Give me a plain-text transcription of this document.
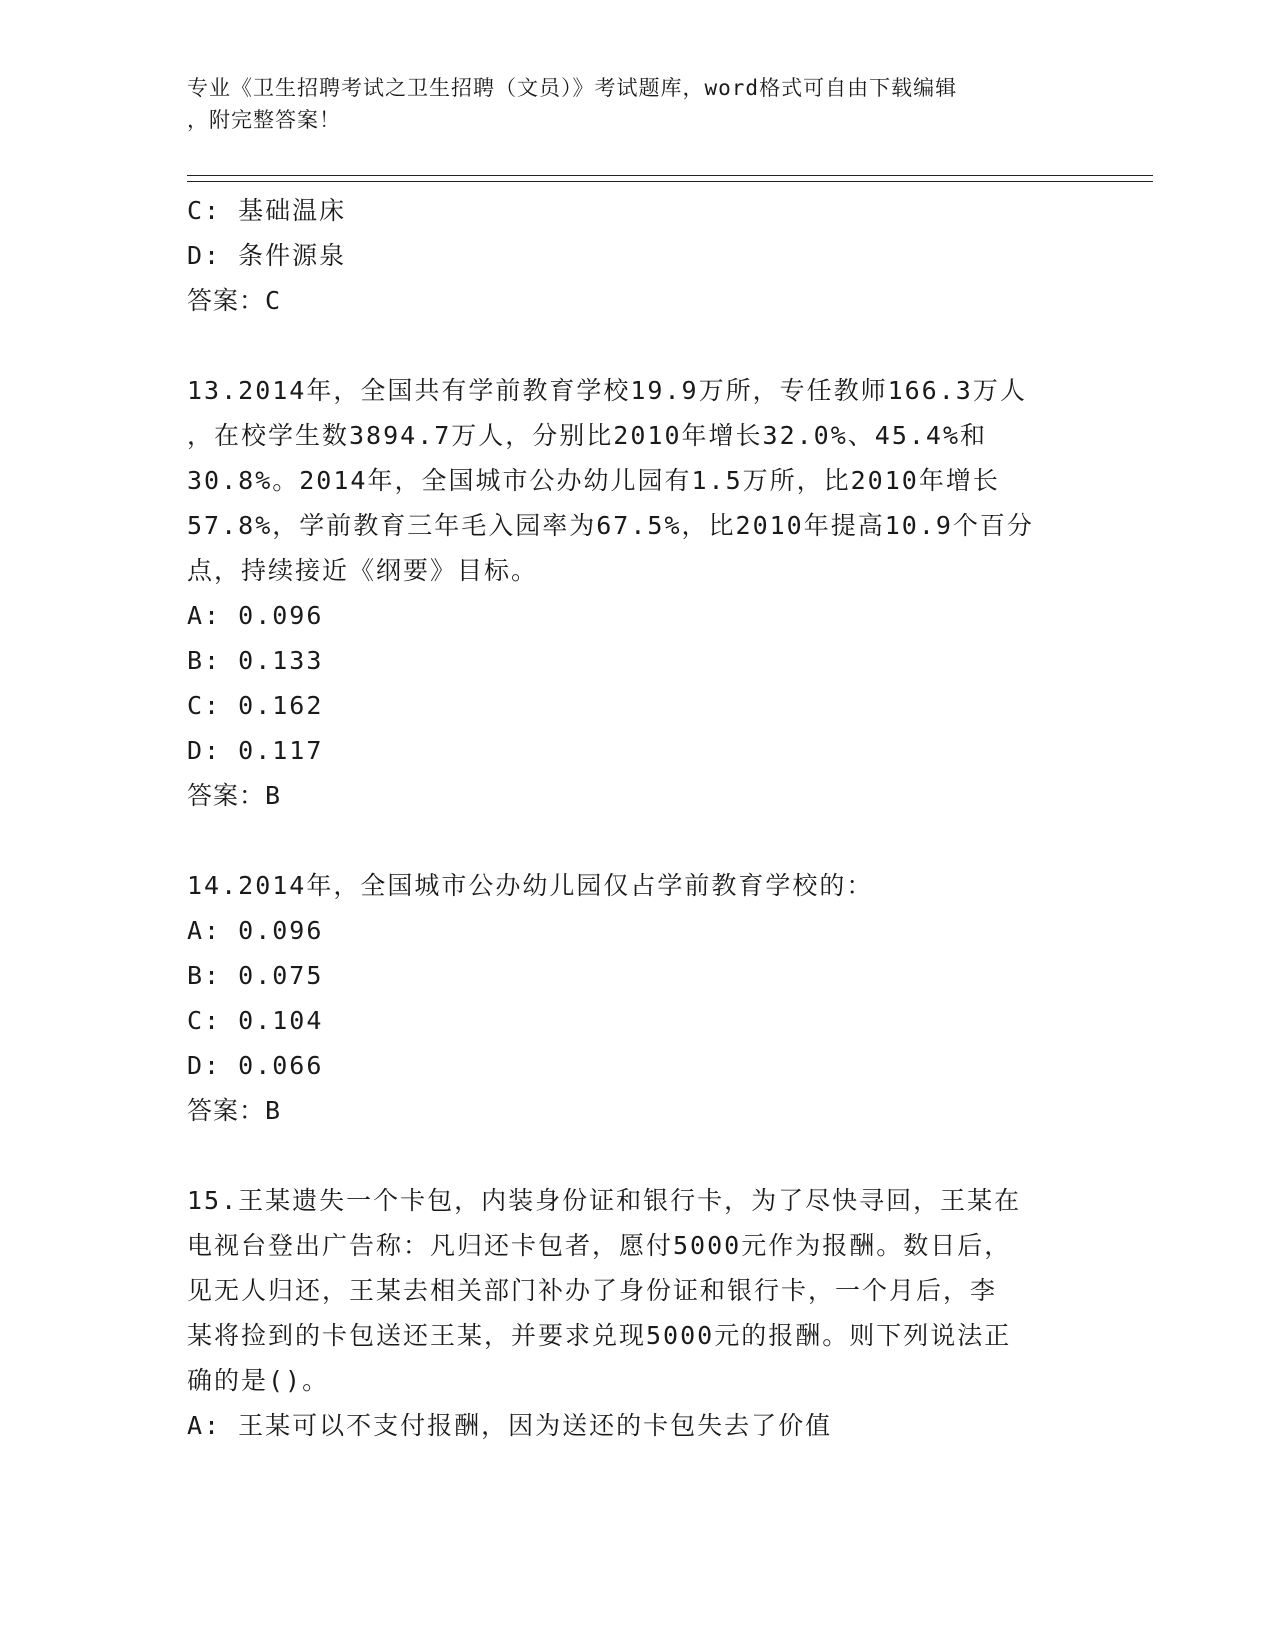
专业《卫生招聘考试之卫生招聘（文员）》考试题库，word格式可自由下载编辑
，附完整答案！
C: 基础温床
D: 条件源泉
答案：C
13.2014年，全国共有学前教育学校19.9万所，专任教师166.3万人
，在校学生数3894.7万人，分别比2010年增长32.0%、45.4%和
30.8%。2014年，全国城市公办幼儿园有1.5万所，比2010年增长
57.8%，学前教育三年毛入园率为67.5%，比2010年提高10.9个百分
点，持续接近《纲要》目标。
A: 0.096
B: 0.133
C: 0.162
D: 0.117
答案：B
14.2014年，全国城市公办幼儿园仅占学前教育学校的：
A: 0.096
B: 0.075
C: 0.104
D: 0.066
答案：B
15.王某遗失一个卡包，内装身份证和银行卡，为了尽快寻回，王某在
电视台登出广告称：凡归还卡包者，愿付5000元作为报酬。数日后，
见无人归还，王某去相关部门补办了身份证和银行卡，一个月后，李
某将捡到的卡包送还王某，并要求兑现5000元的报酬。则下列说法正
确的是()。
A: 王某可以不支付报酬，因为送还的卡包失去了价值
